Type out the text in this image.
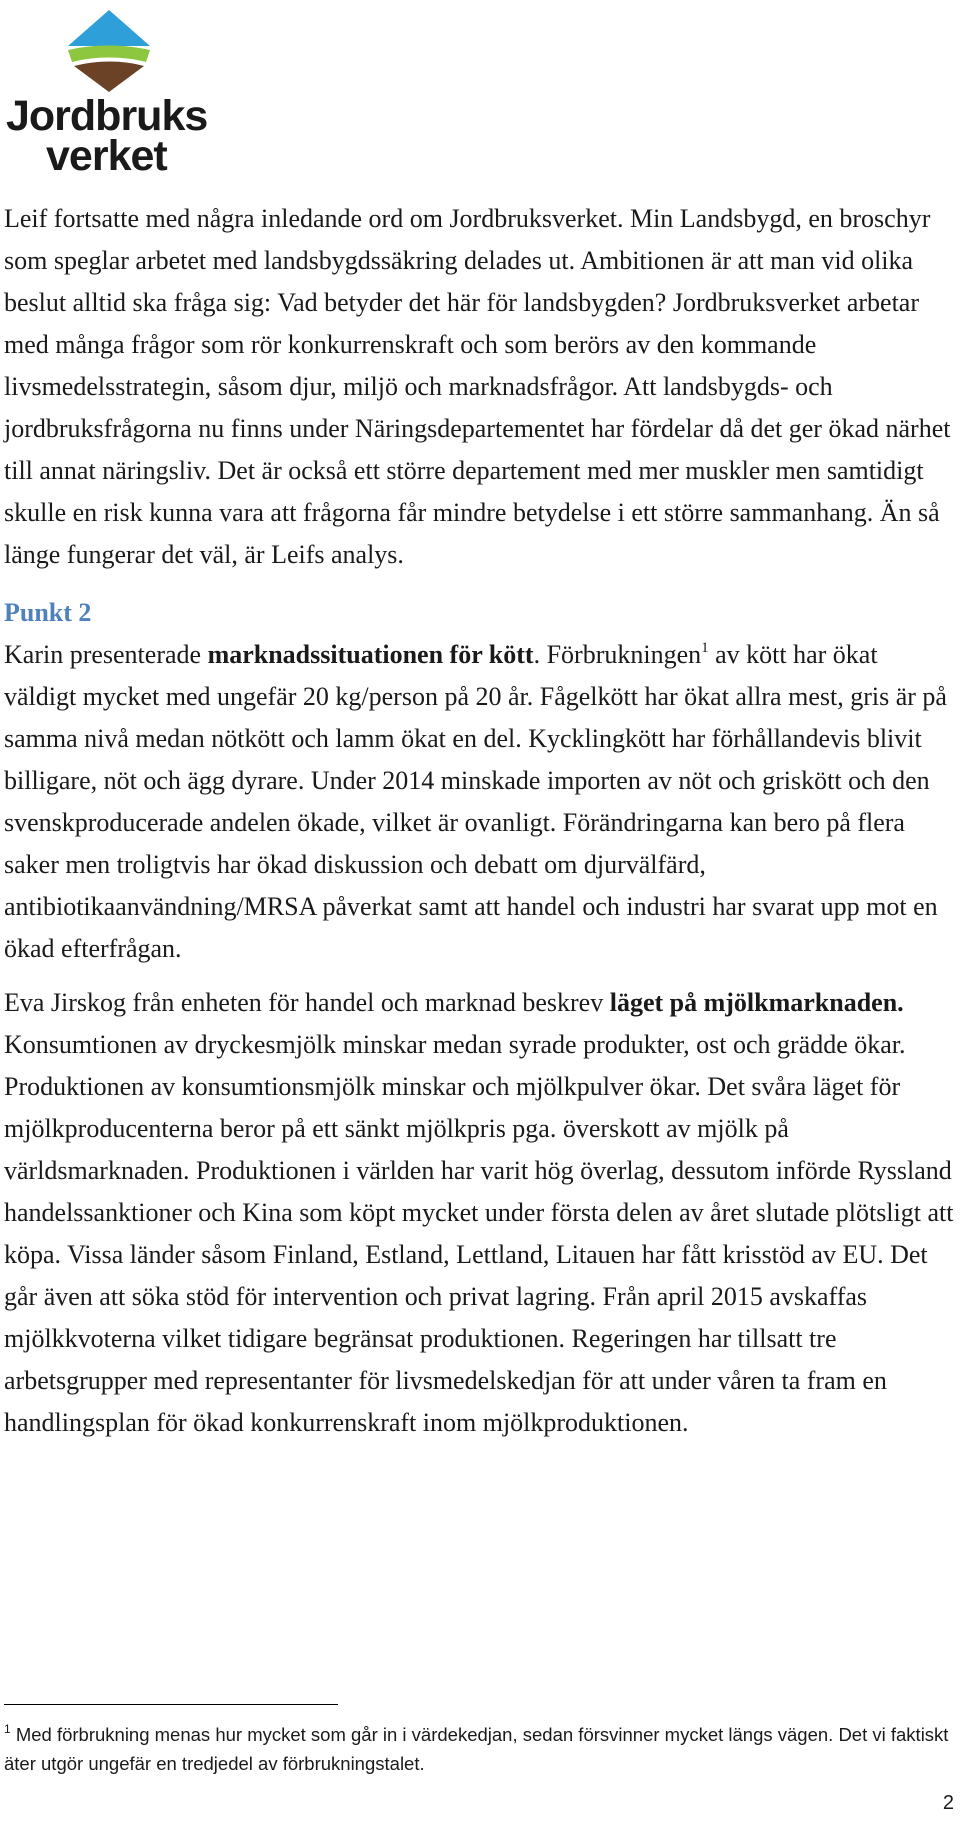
Jordbruks
verket

Leif fortsatte med några inledande ord om Jordbruksverket. Min Landsbygd, en broschyr som speglar arbetet med landsbygdssäkring delades ut. Ambitionen är att man vid olika beslut alltid ska fråga sig: Vad betyder det här för landsbygden? Jordbruksverket arbetar med många frågor som rör konkurrenskraft och som berörs av den kommande livsmedelsstrategin, såsom djur, miljö och marknadsfrågor. Att landsbygds- och jordbruksfrågorna nu finns under Näringsdepartementet har fördelar då det ger ökad närhet till annat näringsliv. Det är också ett större departement med mer muskler men samtidigt skulle en risk kunna vara att frågorna får mindre betydelse i ett större sammanhang. Än så länge fungerar det väl, är Leifs analys.

Punkt 2

Karin presenterade marknadssituationen för kött. Förbrukningen$^1$ av kött har ökat väldigt mycket med ungefär 20 kg/person på 20 år. Fågelkött har ökat allra mest, gris är på samma nivå medan nötkött och lamm ökat en del. Kycklingkött har förhållandevis blivit billigare, nöt och ägg dyrare. Under 2014 minskade importen av nöt och griskött och den svenskproducerade andelen ökade, vilket är ovanligt. Förändringarna kan bero på flera saker men troligtvis har ökad diskussion och debatt om djurvälfärd, antibiotikaanvändning/MRSA påverkat samt att handel och industri har svarat upp mot en ökad efterfrågan.

Eva Jirskog från enheten för handel och marknad beskrev läget på mjölkmarknaden. Konsumtionen av dryckesmjölk minskar medan syrade produkter, ost och grädde ökar. Produktionen av konsumtionsmjölk minskar och mjölkpulver ökar. Det svåra läget för mjölkproducenterna beror på ett sänkt mjölkpris pga. överskott av mjölk på världsmarknaden. Produktionen i världen har varit hög överlag, dessutom införde Ryssland handelssanktioner och Kina som köpt mycket under första delen av året slutade plötsligt att köpa. Vissa länder såsom Finland, Estland, Lettland, Litauen har fått krisstöd av EU. Det går även att söka stöd för intervention och privat lagring. Från april 2015 avskaffas mjölkkvoterna vilket tidigare begränsat produktionen. Regeringen har tillsatt tre arbetsgrupper med representanter för livsmedelskedjan för att under våren ta fram en handlingsplan för ökad konkurrenskraft inom mjölkproduktionen.

$^1$ Med förbrukning menas hur mycket som går in i värdekedjan, sedan försvinner mycket längs vägen. Det vi faktiskt äter utgör ungefär en tredjedel av förbrukningstalet.
2
